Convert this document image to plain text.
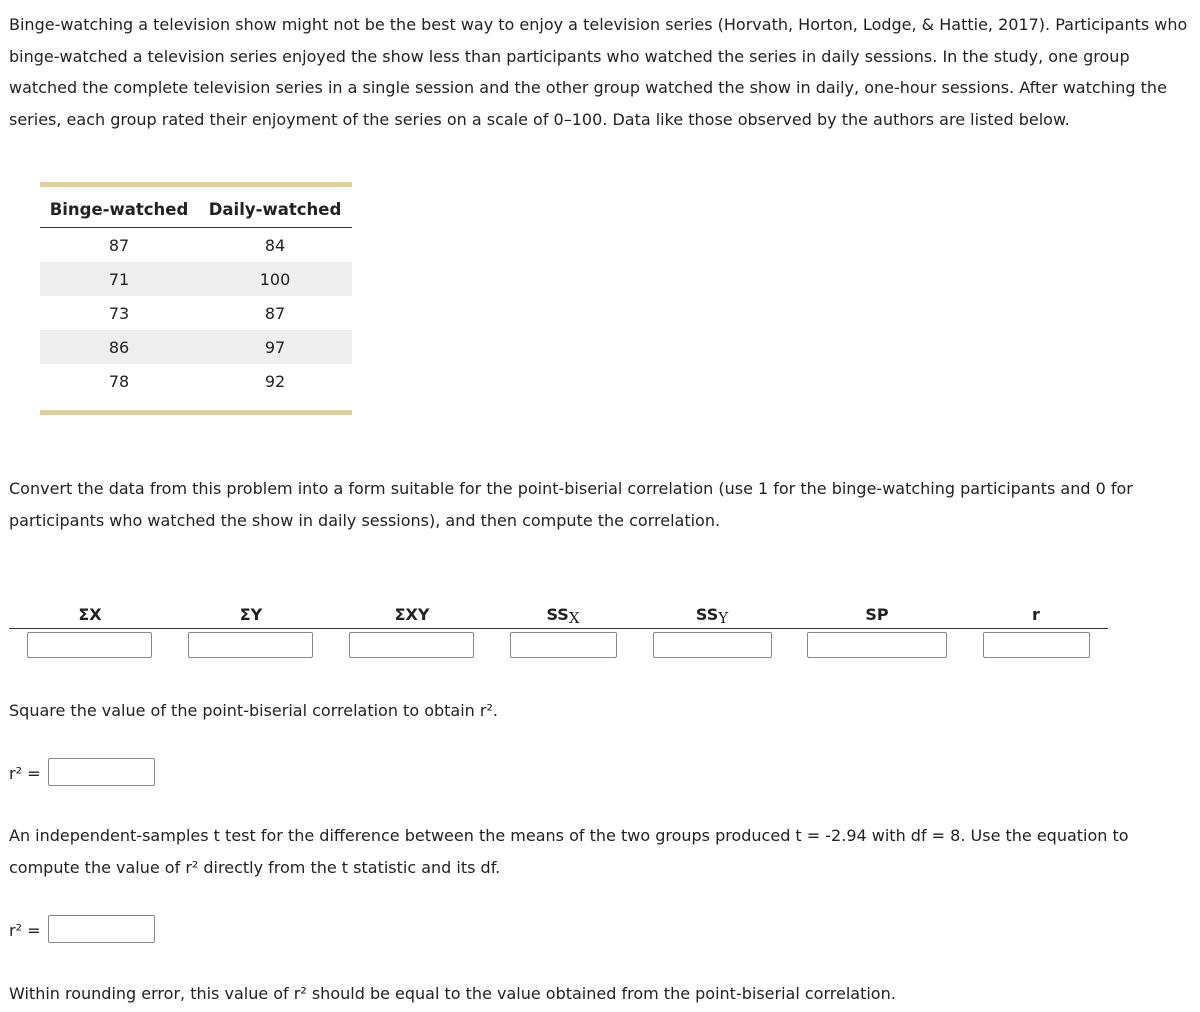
Binge-watching a television show might not be the best way to enjoy a television series (Horvath, Horton, Lodge, & Hattie, 2017). Participants who binge-watched a television series enjoyed the show less than participants who watched the series in daily sessions. In the study, one group watched the complete television series in a single session and the other group watched the show in daily, one-hour sessions. After watching the series, each group rated their enjoyment of the series on a scale of 0–100. Data like those observed by the authors are listed below.

Binge-watched	Daily-watched
87	84
71	100
73	87
86	97
78	92

Convert the data from this problem into a form suitable for the point-biserial correlation (use 1 for the binge-watching participants and 0 for participants who watched the show in daily sessions), and then compute the correlation.

ΣX	ΣY	ΣXY	SSX	SSY	SP	r

Square the value of the point-biserial correlation to obtain r².

r² =

An independent-samples t test for the difference between the means of the two groups produced t = -2.94 with df = 8. Use the equation to compute the value of r² directly from the t statistic and its df.

r² =

Within rounding error, this value of r² should be equal to the value obtained from the point-biserial correlation.
